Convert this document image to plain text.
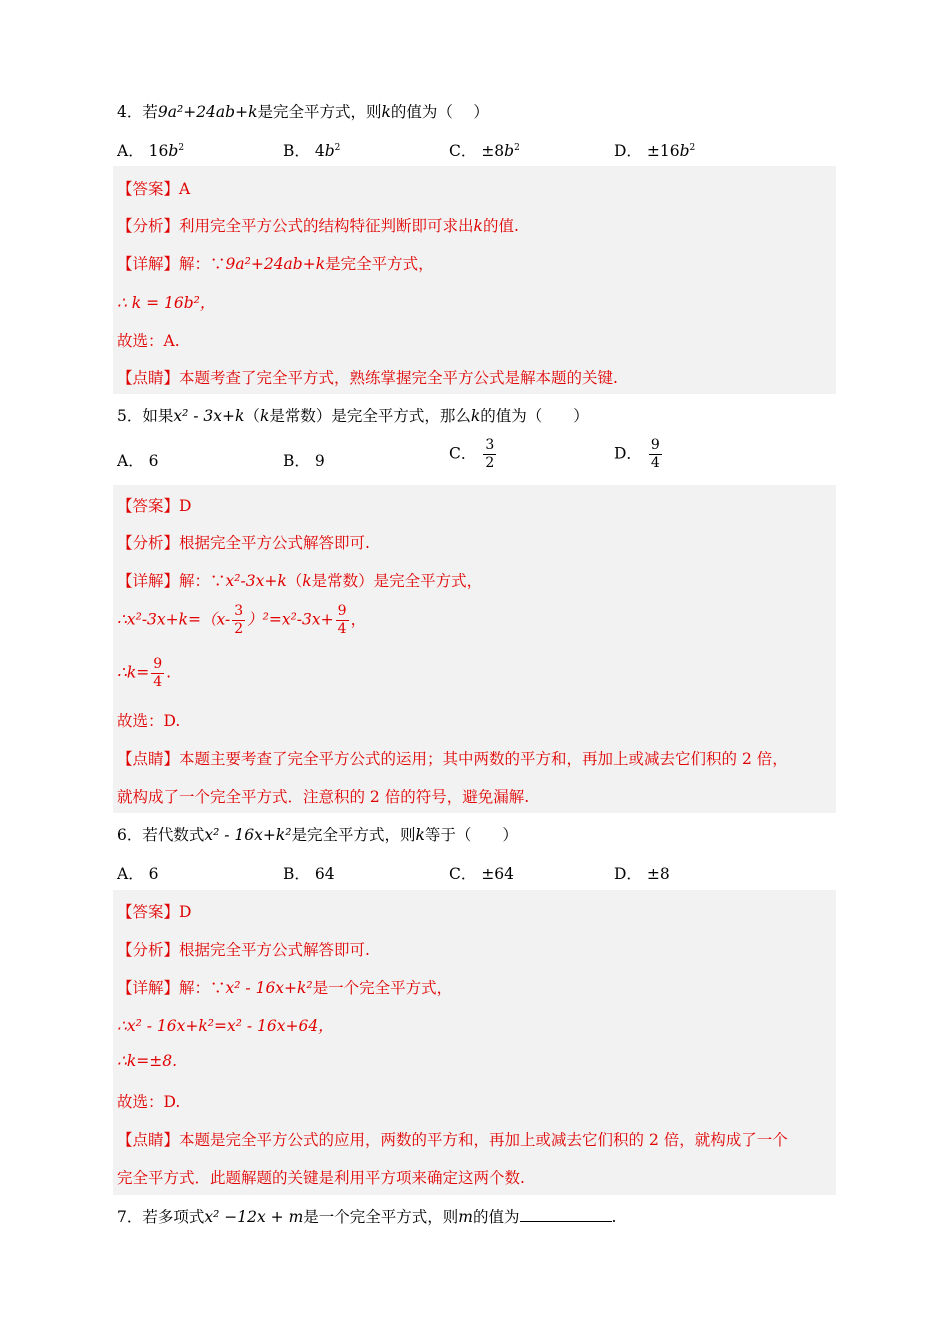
4．若9a²+24ab+k是完全平方式，则k的值为（　 ）
A． $16b^2$	B． $4b^2$	C． $\pm 8b^2$	D． $\pm 16b^2$
【答案】A
【分析】利用完全平方公式的结构特征判断即可求出k的值.
【详解】解：∵9a²+24ab+k是完全平方式，
∴ k = 16b²，
故选：A.
【点睛】本题考查了完全平方式，熟练掌握完全平方公式是解本题的关键.
5．如果x² - 3x+k（k是常数）是完全平方式，那么k的值为（　　）
A． 6	B． 9	C． $\frac{3}{2}$	D． $\frac{9}{4}$
【答案】D
【分析】根据完全平方公式解答即可.
【详解】解：∵x²-3x+k（k是常数）是完全平方式，
∴x²-3x+k=（x- $\frac{3}{2} )^2=x^2-3x+ \frac{9}{4}$ ，
∴k= $\frac{9}{4}$ .
故选：D.
【点睛】本题主要考查了完全平方公式的运用；其中两数的平方和，再加上或减去它们积的 2 倍，
就构成了一个完全平方式．注意积的 2 倍的符号，避免漏解.
6．若代数式x² - 16x+k²是完全平方式，则k等于（　　）
A． 6	B． 64	C． ±64	D． ±8
【答案】D
【分析】根据完全平方公式解答即可.
【详解】解：∵x² - 16x+k²是一个完全平方式，
∴x² - 16x+k²=x² - 16x+64，
∴k=±8.
故选：D.
【点睛】本题是完全平方公式的应用，两数的平方和，再加上或减去它们积的 2 倍，就构成了一个
完全平方式．此题解题的关键是利用平方项来确定这两个数.
7．若多项式x² −12x + m是一个完全平方式，则m的值为	.
